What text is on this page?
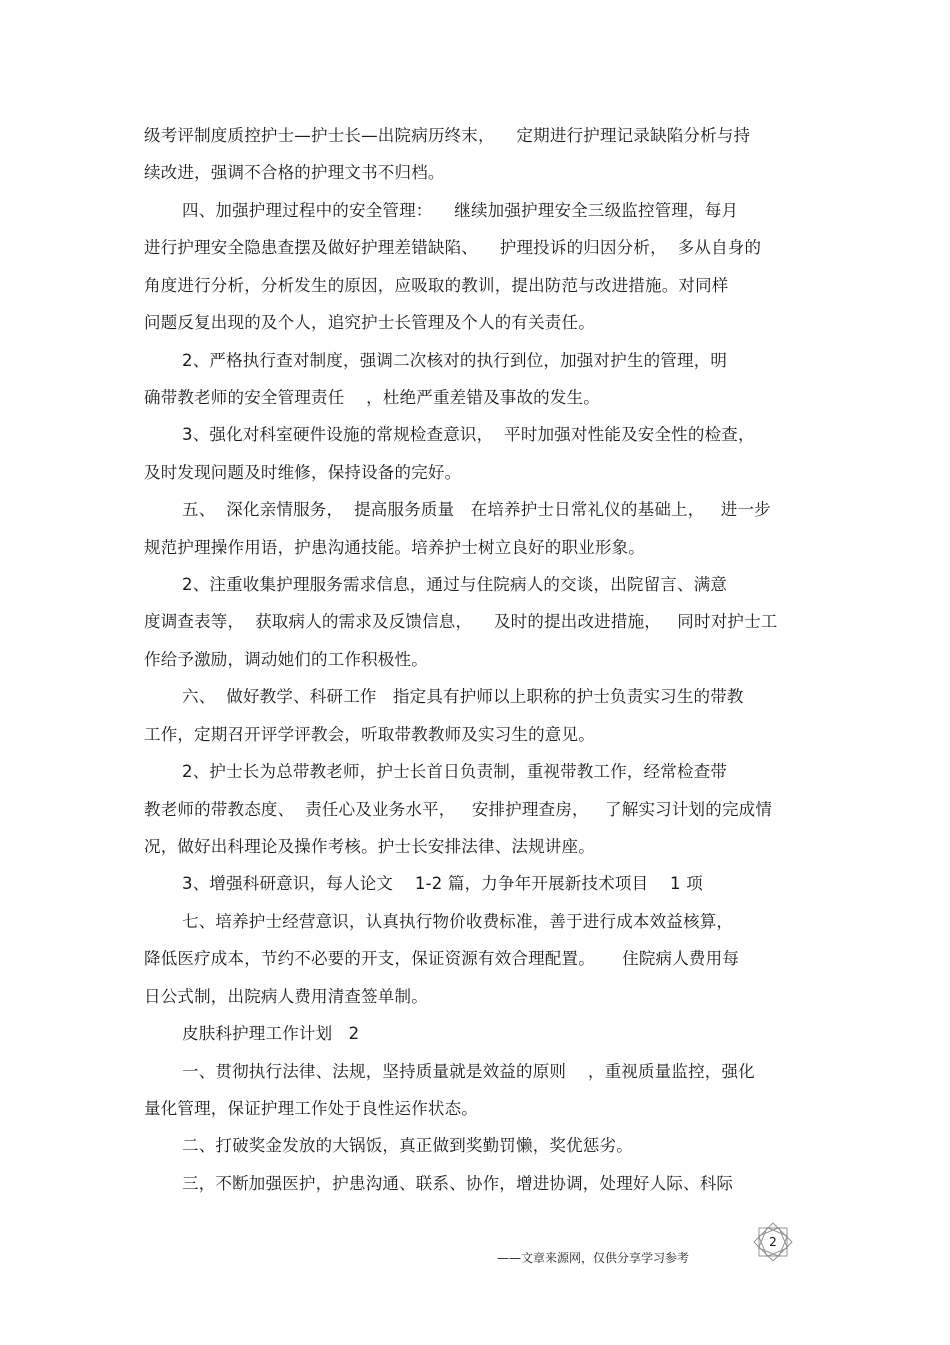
级考评制度质控护士—护士长—出院病历终末，    定期进行护理记录缺陷分析与持
续改进，强调不合格的护理文书不归档。
四、加强护理过程中的安全管理：    继续加强护理安全三级监控管理，每月
进行护理安全隐患查摆及做好护理差错缺陷、    护理投诉的归因分析，  多从自身的
角度进行分析，分析发生的原因，应吸取的教训，提出防范与改进措施。对同样
问题反复出现的及个人，追究护士长管理及个人的有关责任。
2、严格执行查对制度，强调二次核对的执行到位，加强对护生的管理，明
确带教老师的安全管理责任    ，杜绝严重差错及事故的发生。
3、强化对科室硬件设施的常规检查意识，  平时加强对性能及安全性的检查，
及时发现问题及时维修，保持设备的完好。
五、  深化亲情服务，  提高服务质量   在培养护士日常礼仪的基础上，   进一步
规范护理操作用语，护患沟通技能。培养护士树立良好的职业形象。
2、注重收集护理服务需求信息，通过与住院病人的交谈，出院留言、满意
度调查表等，  获取病人的需求及反馈信息，    及时的提出改进措施，   同时对护士工
作给予激励，调动她们的工作积极性。
六、  做好教学、科研工作   指定具有护师以上职称的护士负责实习生的带教
工作，定期召开评学评教会，听取带教教师及实习生的意见。
2、护士长为总带教老师，护士长首日负责制，重视带教工作，经常检查带
教老师的带教态度、  责任心及业务水平，   安排护理查房，   了解实习计划的完成情
况，做好出科理论及操作考核。护士长安排法律、法规讲座。
3、增强科研意识，每人论文    1-2 篇，力争年开展新技术项目    1 项
七、培养护士经营意识，认真执行物价收费标准，善于进行成本效益核算，
降低医疗成本，节约不必要的开支，保证资源有效合理配置。     住院病人费用每
日公式制，出院病人费用清查签单制。
皮肤科护理工作计划   2
一、贯彻执行法律、法规，坚持质量就是效益的原则    ，重视质量监控，强化
量化管理，保证护理工作处于良性运作状态。
二、打破奖金发放的大锅饭，真正做到奖勤罚懒，奖优惩劣。
三，不断加强医护，护患沟通、联系、协作，增进协调，处理好人际、科际
——文章来源网，仅供分享学习参考
2
